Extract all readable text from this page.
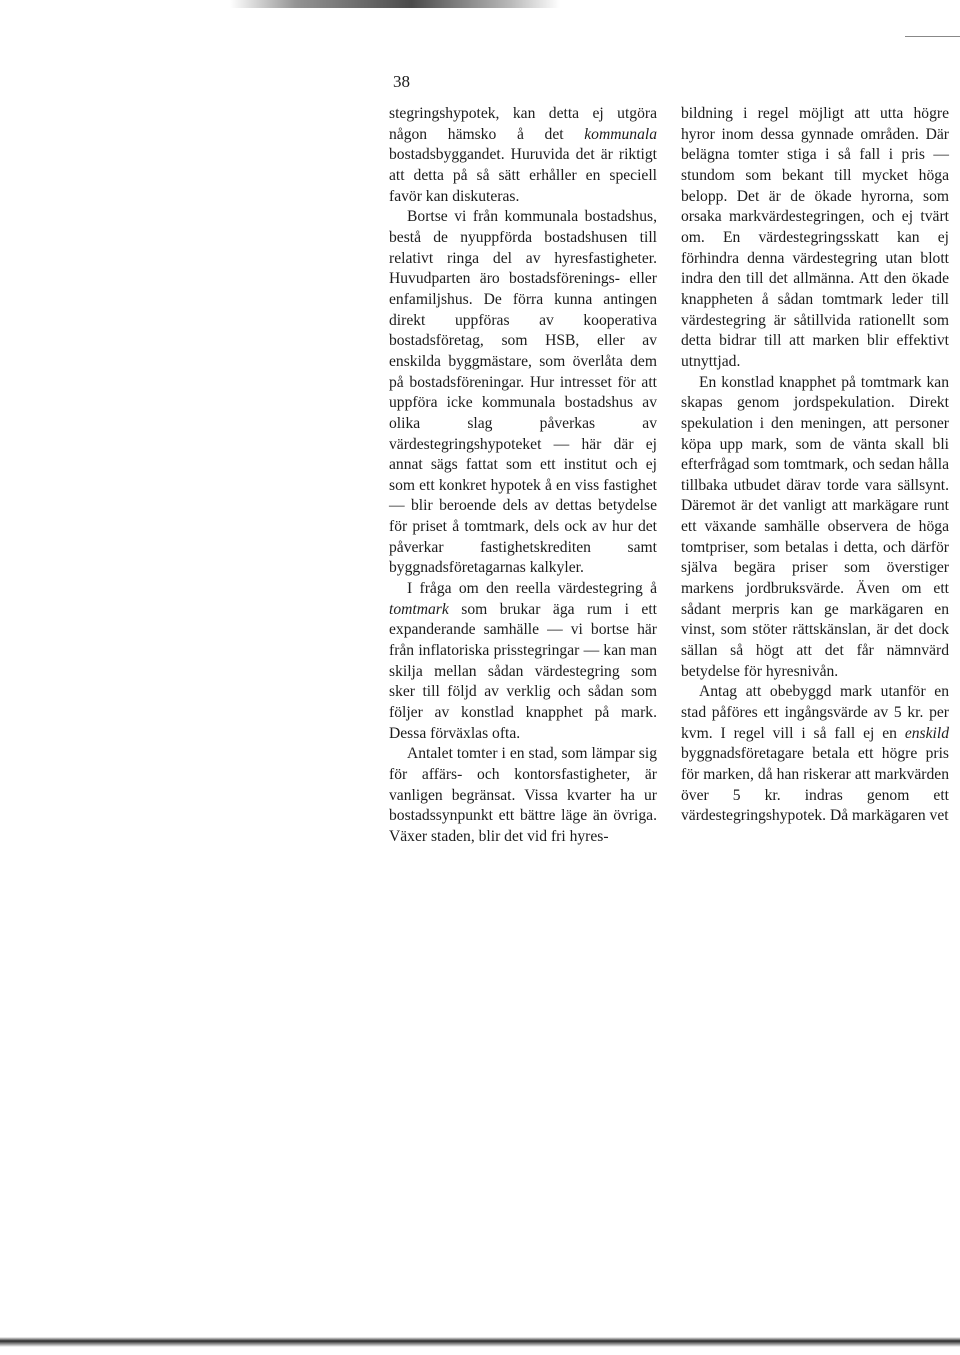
38

stegringshypotek, kan detta ej utgöra någon hämsko å det kommunala bostadsbyggandet. Huruvida det är riktigt att detta på så sätt erhåller en speciell favör kan diskuteras.

Bortse vi från kommunala bostadshus, bestå de nyuppförda bostadshusen till relativt ringa del av hyresfastigheter. Huvudparten äro bostadsförenings- eller enfamiljshus. De förra kunna antingen direkt uppföras av kooperativa bostadsföretag, som HSB, eller av enskilda byggmästare, som överlåta dem på bostadsföreningar. Hur intresset för att uppföra icke kommunala bostadshus av olika slag påverkas av värdestegringshypoteket — här där ej annat sägs fattat som ett institut och ej som ett konkret hypotek å en viss fastighet — blir beroende dels av dettas betydelse för priset å tomtmark, dels ock av hur det påverkar fastighetskrediten samt byggnadsföretagarnas kalkyler.

I fråga om den reella värdestegring å tomtmark som brukar äga rum i ett expanderande samhälle — vi bortse här från inflatoriska prisstegringar — kan man skilja mellan sådan värdestegring som sker till följd av verklig och sådan som följer av konstlad knapphet på mark. Dessa förväxlas ofta.

Antalet tomter i en stad, som lämpar sig för affärs- och kontorsfastigheter, är vanligen begränsat. Vissa kvarter ha ur bostadssynpunkt ett bättre läge än övriga. Växer staden, blir det vid fri hyres-

bildning i regel möjligt att utta högre hyror inom dessa gynnade områden. Där belägna tomter stiga i så fall i pris — stundom som bekant till mycket höga belopp. Det är de ökade hyrorna, som orsaka markvärdestegringen, och ej tvärt om. En värdestegringsskatt kan ej förhindra denna värdestegring utan blott indra den till det allmänna. Att den ökade knappheten å sådan tomtmark leder till värdestegring är såtillvida rationellt som detta bidrar till att marken blir effektivt utnyttjad.

En konstlad knapphet på tomtmark kan skapas genom jordspekulation. Direkt spekulation i den meningen, att personer köpa upp mark, som de vänta skall bli efterfrågad som tomtmark, och sedan hålla tillbaka utbudet därav torde vara sällsynt. Däremot är det vanligt att markägare runt ett växande samhälle observera de höga tomtpriser, som betalas i detta, och därför själva begära priser som överstiger markens jordbruksvärde. Även om ett sådant merpris kan ge markägaren en vinst, som stöter rättskänslan, är det dock sällan så högt att det får nämnvärd betydelse för hyresnivån.

Antag att obebyggd mark utanför en stad påföres ett ingångsvärde av 5 kr. per kvm. I regel vill i så fall ej en enskild byggnadsföretagare betala ett högre pris för marken, då han riskerar att markvärden över 5 kr. indras genom ett värdestegringshypotek. Då markägaren vet
